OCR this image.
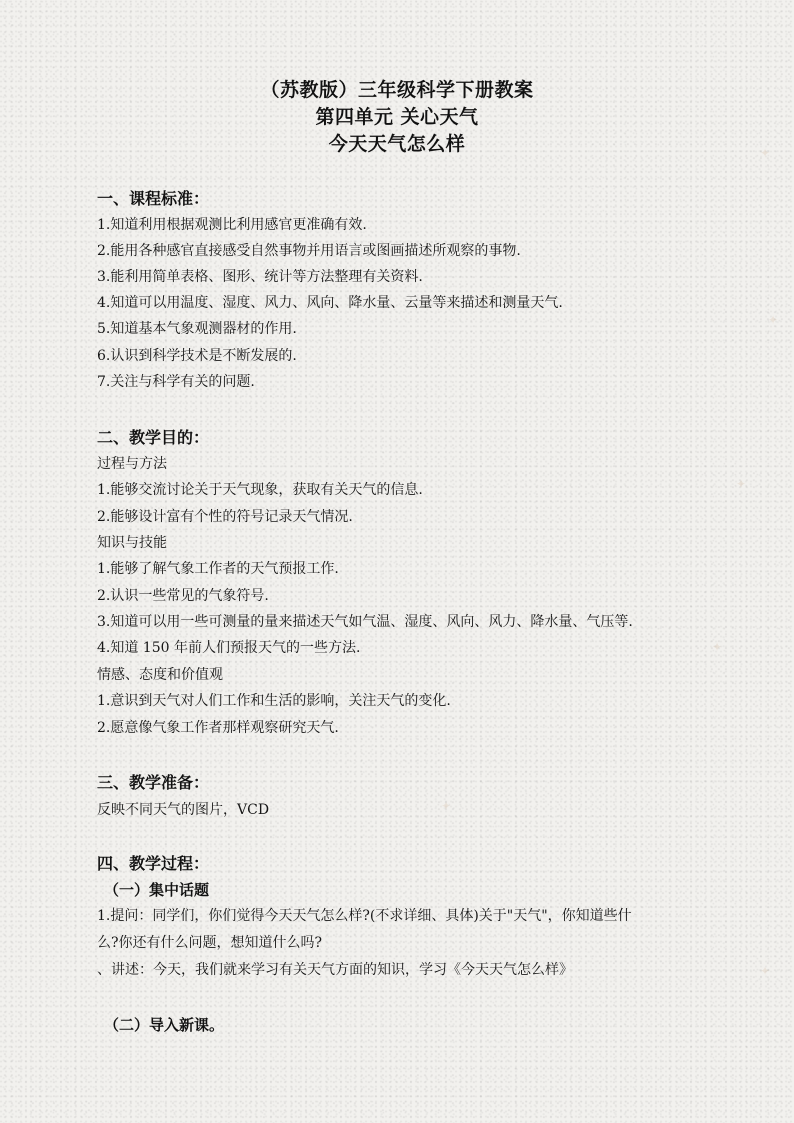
（苏教版）三年级科学下册教案
第四单元 关心天气
今天天气怎么样
一、课程标准：
1.知道利用根据观测比利用感官更准确有效.
2.能用各种感官直接感受自然事物并用语言或图画描述所观察的事物.
3.能利用简单表格、图形、统计等方法整理有关资料.
4.知道可以用温度、湿度、风力、风向、降水量、云量等来描述和测量天气.
5.知道基本气象观测器材的作用.
6.认识到科学技术是不断发展的.
7.关注与科学有关的问题.
二、教学目的：
过程与方法
1.能够交流讨论关于天气现象，获取有关天气的信息.
2.能够设计富有个性的符号记录天气情况.
知识与技能
1.能够了解气象工作者的天气预报工作.
2.认识一些常见的气象符号.
3.知道可以用一些可测量的量来描述天气如气温、湿度、风向、风力、降水量、气压等.
4.知道 150 年前人们预报天气的一些方法.
情感、态度和价值观
1.意识到天气对人们工作和生活的影响，关注天气的变化.
2.愿意像气象工作者那样观察研究天气.
三、教学准备：
反映不同天气的图片，VCD
四、教学过程：
（一）集中话题
1.提问：同学们，你们觉得今天天气怎么样?(不求详细、具体)关于"天气"，你知道些什
么?你还有什么问题，想知道什么吗?
、讲述：今天，我们就来学习有关天气方面的知识，学习《今天天气怎么样》
（二）导入新课。
✦
✦
✦
✦
✦
✦
